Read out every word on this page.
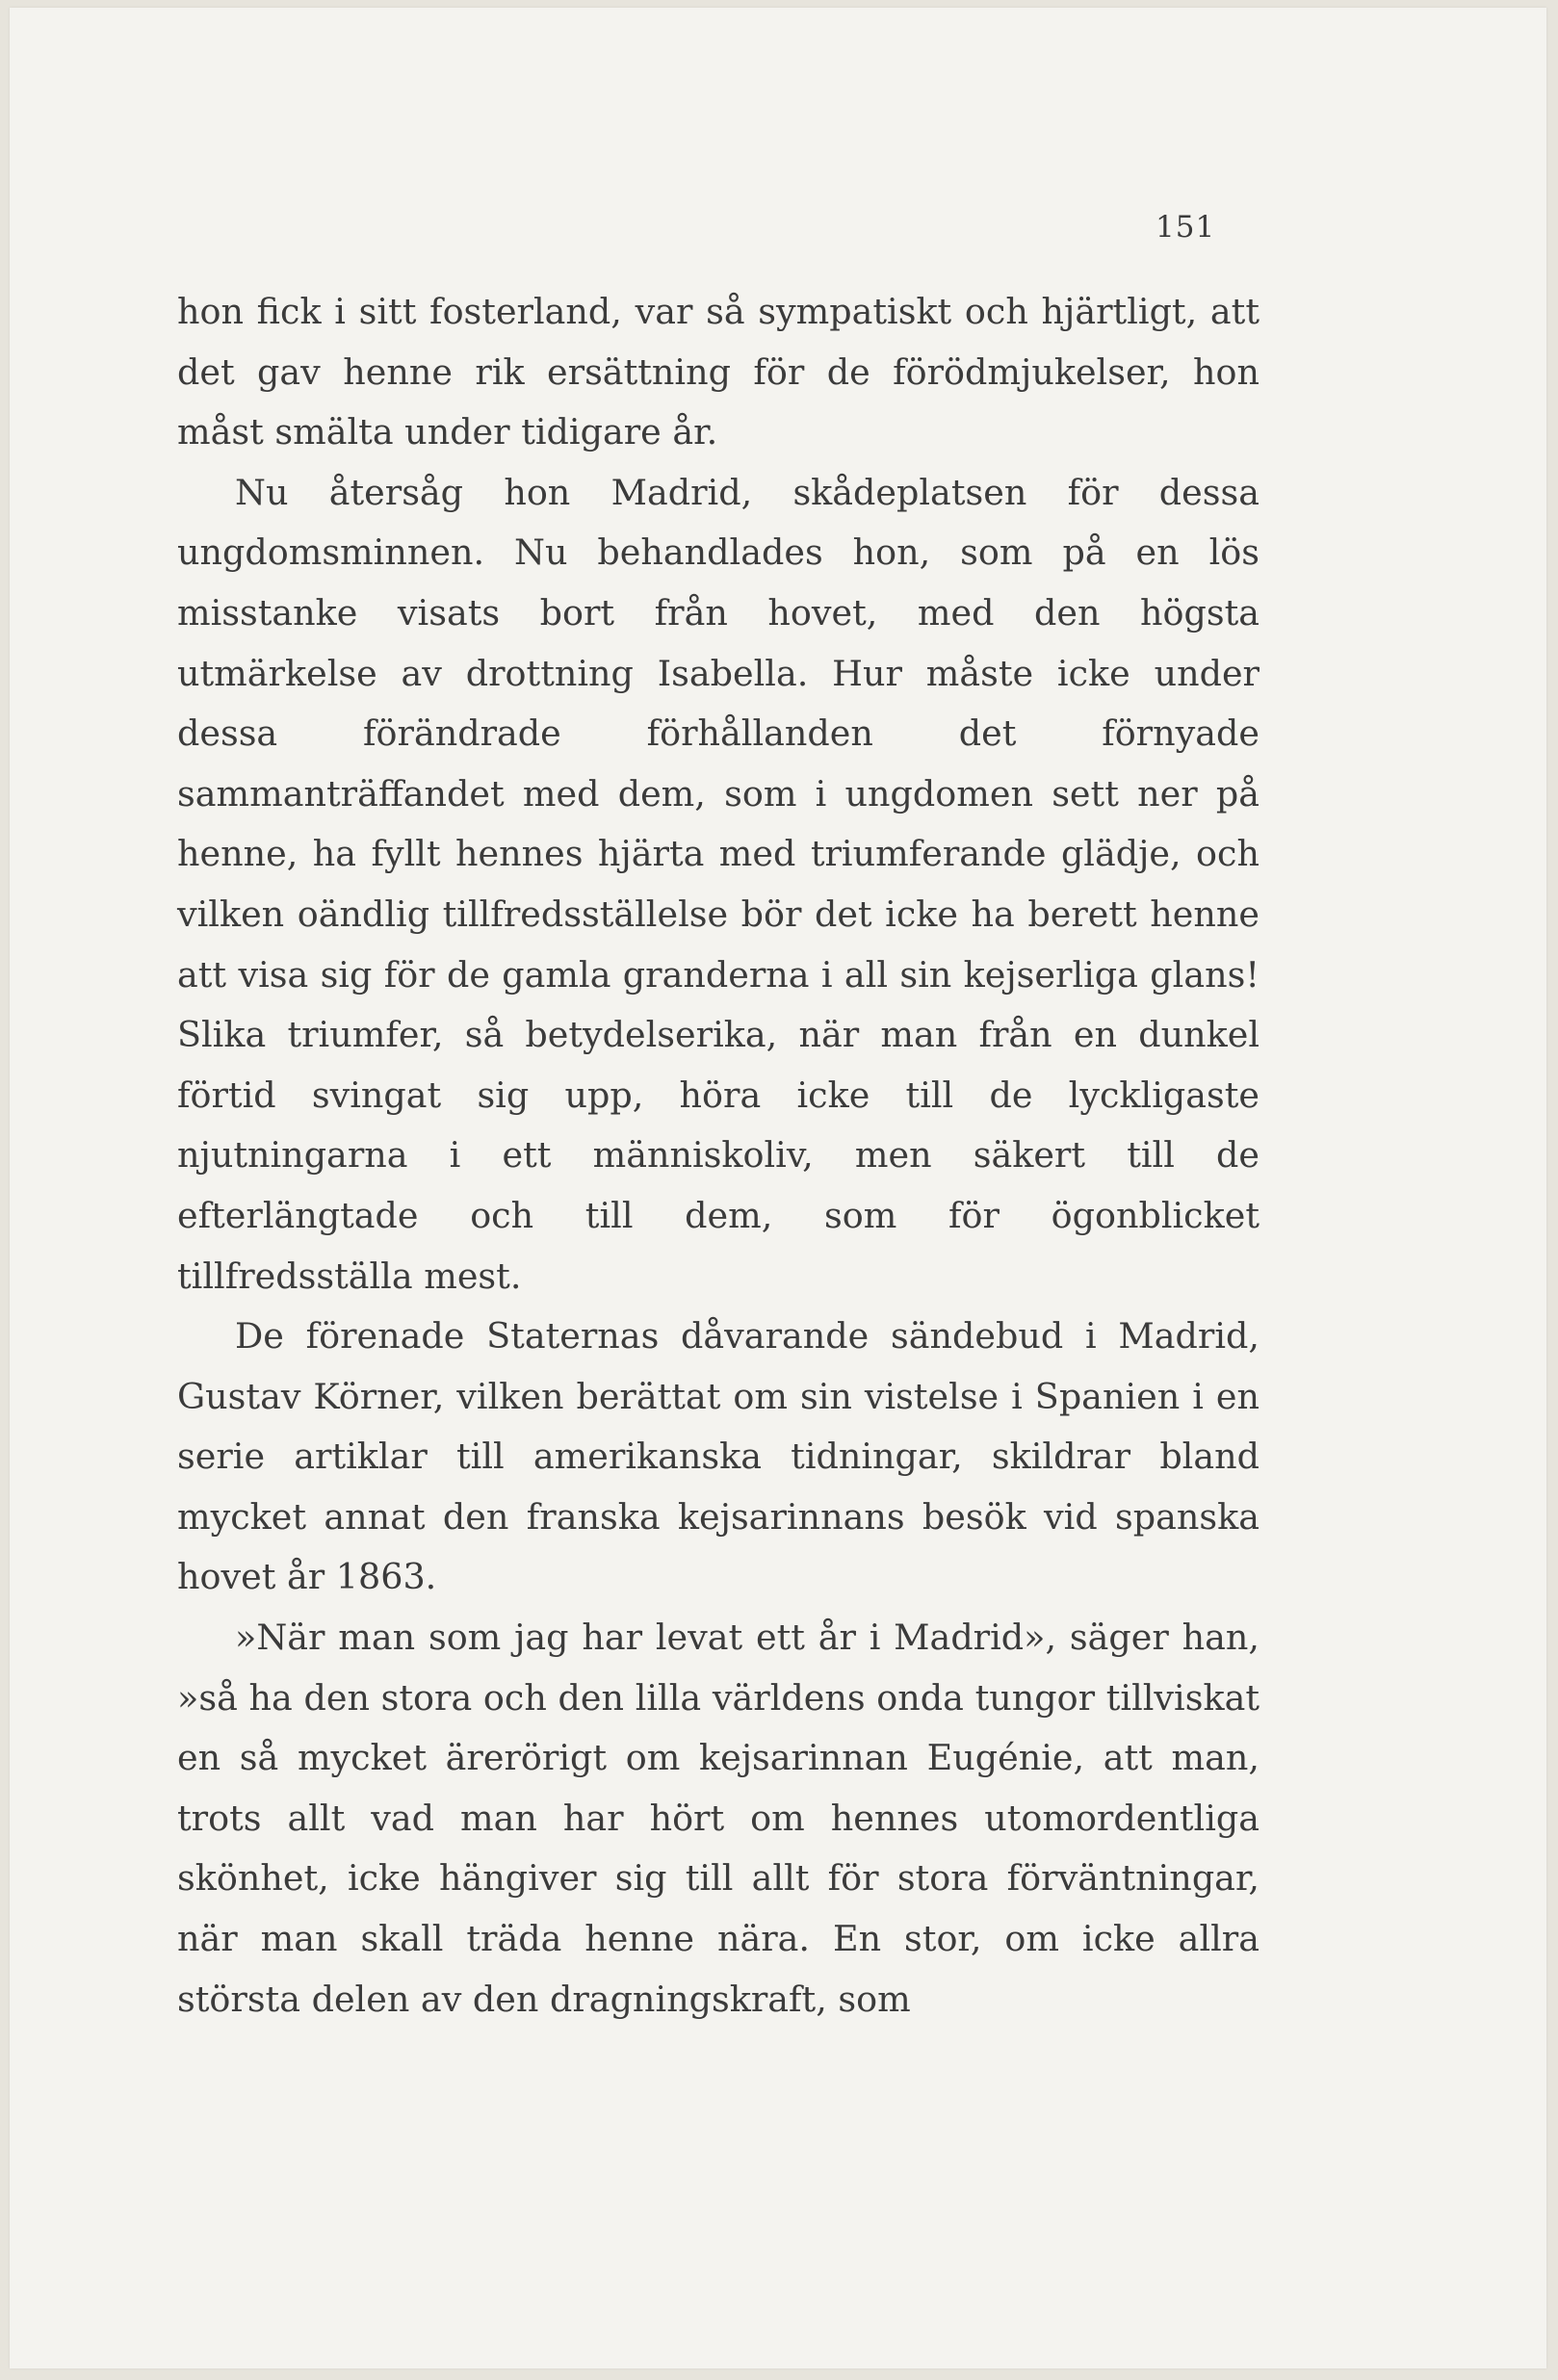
151

hon fick i sitt fosterland, var så sympatiskt och hjärtligt, att det gav henne rik ersättning för de förödmjukelser, hon måst smälta under tidigare år.

Nu återsåg hon Madrid, skådeplatsen för dessa ungdomsminnen. Nu behandlades hon, som på en lös misstanke visats bort från hovet, med den högsta utmärkelse av drottning Isabella. Hur måste icke under dessa förändrade förhållanden det förnyade sammanträffandet med dem, som i ungdomen sett ner på henne, ha fyllt hennes hjärta med triumferande glädje, och vilken oändlig tillfredsställelse bör det icke ha berett henne att visa sig för de gamla granderna i all sin kejserliga glans! Slika triumfer, så betydelserika, när man från en dunkel förtid svingat sig upp, höra icke till de lyckligaste njutningarna i ett människoliv, men säkert till de efterlängtade och till dem, som för ögonblicket tillfredsställa mest.

De förenade Staternas dåvarande sändebud i Madrid, Gustav Körner, vilken berättat om sin vistelse i Spanien i en serie artiklar till amerikanska tidningar, skildrar bland mycket annat den franska kejsarinnans besök vid spanska hovet år 1863.

»När man som jag har levat ett år i Madrid», säger han, »så ha den stora och den lilla världens onda tungor tillviskat en så mycket ärerörigt om kejsarinnan Eugénie, att man, trots allt vad man har hört om hennes utomordentliga skönhet, icke hängiver sig till allt för stora förväntningar, när man skall träda henne nära. En stor, om icke allra största delen av den dragningskraft, som
